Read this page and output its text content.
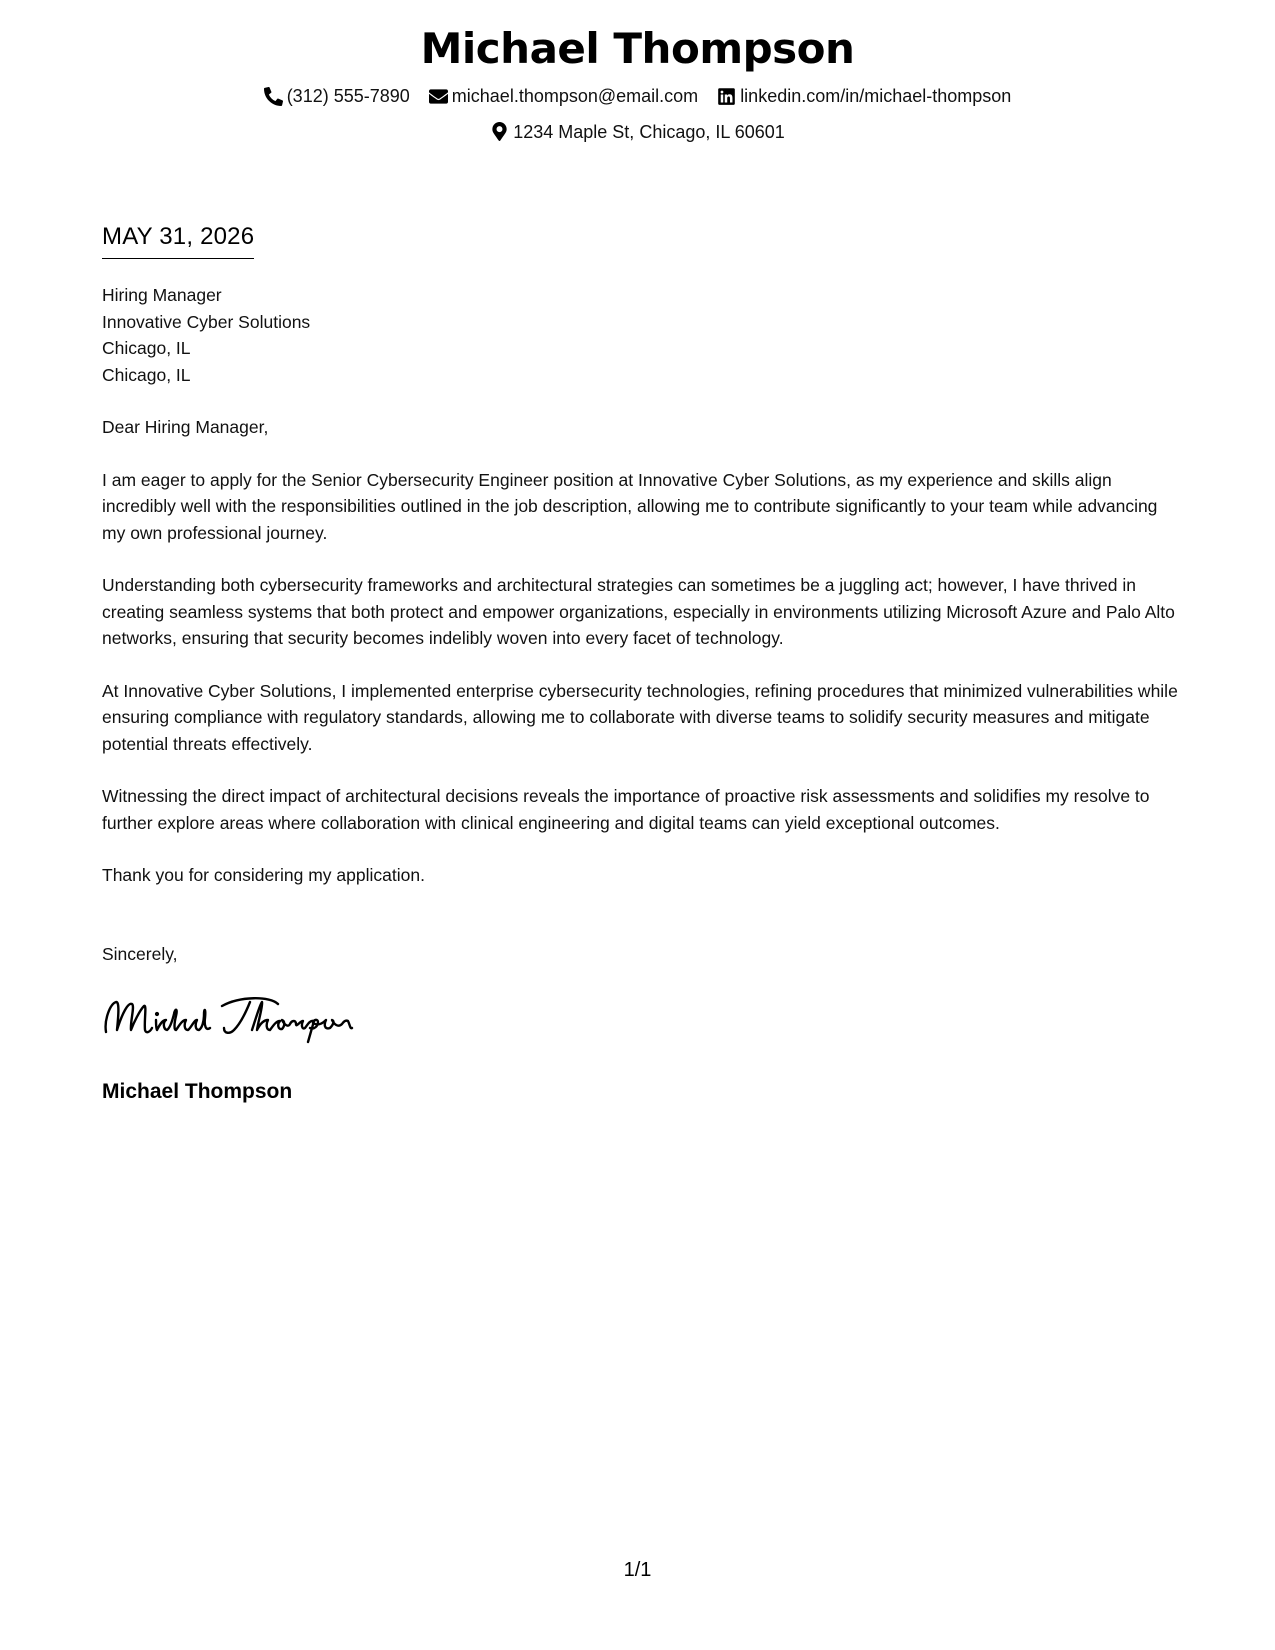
Michael Thompson
(312) 555-7890
michael.thompson@email.com
linkedin.com/in/michael-thompson
1234 Maple St, Chicago, IL 60601
MAY 31, 2026
Hiring Manager
Innovative Cyber Solutions
Chicago, IL
Chicago, IL
Dear Hiring Manager,
I am eager to apply for the Senior Cybersecurity Engineer position at Innovative Cyber Solutions, as my experience and skills align incredibly well with the responsibilities outlined in the job description, allowing me to contribute significantly to your team while advancing my own professional journey.
Understanding both cybersecurity frameworks and architectural strategies can sometimes be a juggling act; however, I have thrived in creating seamless systems that both protect and empower organizations, especially in environments utilizing Microsoft Azure and Palo Alto networks, ensuring that security becomes indelibly woven into every facet of technology.
At Innovative Cyber Solutions, I implemented enterprise cybersecurity technologies, refining procedures that minimized vulnerabilities while ensuring compliance with regulatory standards, allowing me to collaborate with diverse teams to solidify security measures and mitigate potential threats effectively.
Witnessing the direct impact of architectural decisions reveals the importance of proactive risk assessments and solidifies my resolve to further explore areas where collaboration with clinical engineering and digital teams can yield exceptional outcomes.
Thank you for considering my application.
Sincerely,
Michael Thompson
1/1
